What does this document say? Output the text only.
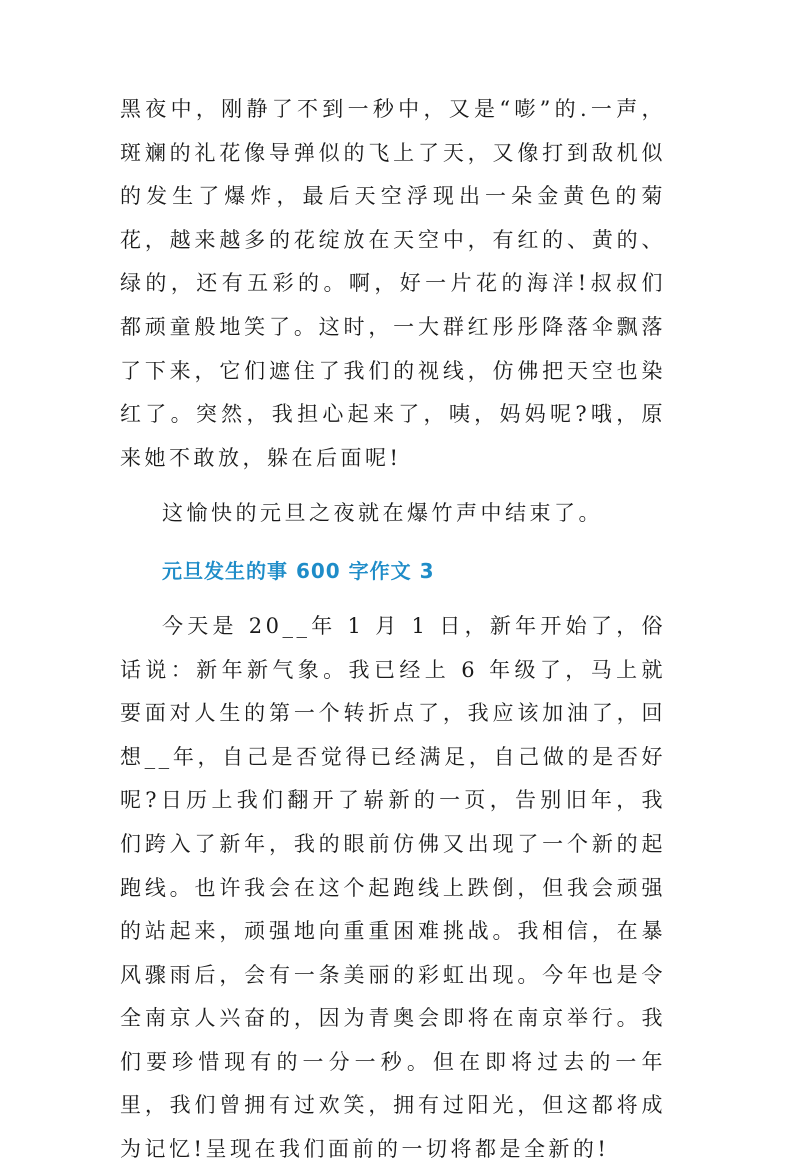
黑夜中，刚静了不到一秒中，又是“嘭”的.一声，斑斓的礼花像导弹似的飞上了天，又像打到敌机似的发生了爆炸，最后天空浮现出一朵金黄色的菊花，越来越多的花绽放在天空中，有红的、黄的、绿的，还有五彩的。啊，好一片花的海洋!叔叔们都顽童般地笑了。这时，一大群红彤彤降落伞飘落了下来，它们遮住了我们的视线，仿佛把天空也染红了。突然，我担心起来了，咦，妈妈呢?哦，原来她不敢放，躲在后面呢!

这愉快的元旦之夜就在爆竹声中结束了。

元旦发生的事 600 字作文 3

今天是 20__年 1 月 1 日，新年开始了，俗话说：新年新气象。我已经上 6 年级了，马上就要面对人生的第一个转折点了，我应该加油了，回想__年，自己是否觉得已经满足，自己做的是否好呢?日历上我们翻开了崭新的一页，告别旧年，我们跨入了新年，我的眼前仿佛又出现了一个新的起跑线。也许我会在这个起跑线上跌倒，但我会顽强的站起来，顽强地向重重困难挑战。我相信，在暴风骤雨后，会有一条美丽的彩虹出现。今年也是令全南京人兴奋的，因为青奥会即将在南京举行。我们要珍惜现有的一分一秒。但在即将过去的一年里，我们曾拥有过欢笑，拥有过阳光，但这都将成为记忆!呈现在我们面前的一切将都是全新的!
